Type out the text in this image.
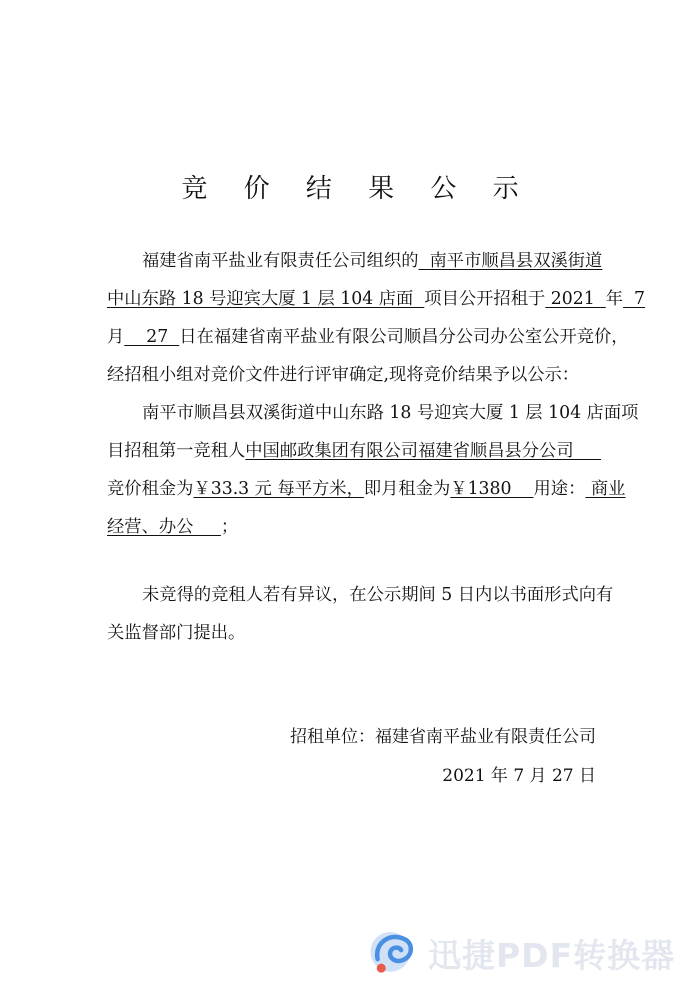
竞 价 结 果 公 示
福建省南平盐业有限责任公司组织的  南平市顺昌县双溪街道
中山东路 18 号迎宾大厦 1 层 104 店面  项目公开招租于 2021  年  7
月    27  日在福建省南平盐业有限公司顺昌分公司办公室公开竞价，
经招租小组对竞价文件进行评审确定,现将竞价结果予以公示：
南平市顺昌县双溪街道中山东路 18 号迎宾大厦 1 层 104 店面项
目招租第一竞租人中国邮政集团有限公司福建省顺昌县分公司
竞价租金为￥33.3 元 每平方米，即月租金为￥1380    用途： 商业
经营、办公     ；
未竞得的竞租人若有异议，在公示期间 5 日内以书面形式向有
关监督部门提出。
招租单位：福建省南平盐业有限责任公司
2021 年 7 月 27 日
迅捷PDF转换器
